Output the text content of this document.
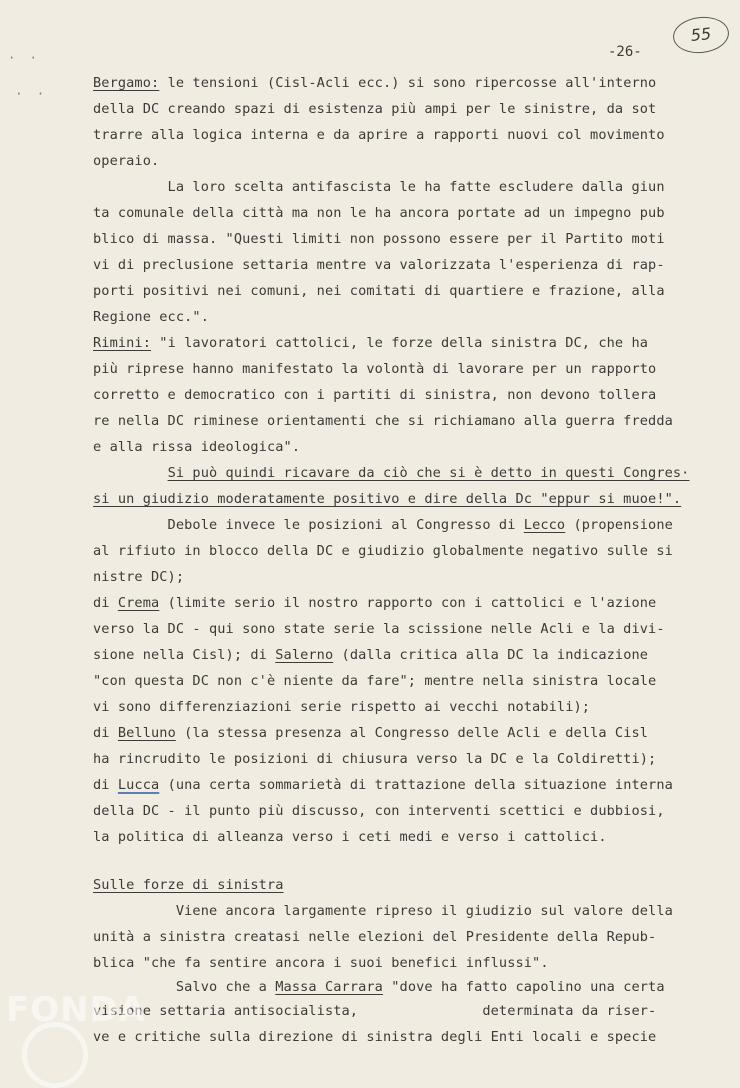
·  ·
·  ·
55
-26-
Bergamo: le tensioni (Cisl-Acli ecc.) si sono ripercosse all'interno
della DC creando spazi di esistenza più ampi per le sinistre, da sot
trarre alla logica interna e da aprire a rapporti nuovi col movimento
operaio.
La loro scelta antifascista le ha fatte escludere dalla giun
ta comunale della città ma non le ha ancora portate ad un impegno pub
blico di massa. "Questi limiti non possono essere per il Partito moti
vi di preclusione settaria mentre va valorizzata l'esperienza di rap-
porti positivi nei comuni, nei comitati di quartiere e frazione, alla
Regione ecc.".
Rimini: "i lavoratori cattolici, le forze della sinistra DC, che ha
più riprese hanno manifestato la volontà di lavorare per un rapporto
corretto e democratico con i partiti di sinistra, non devono tollera
re nella DC riminese orientamenti che si richiamano alla guerra fredda
e alla rissa ideologica".
Si può quindi ricavare da ciò che si è detto in questi Congres·
si un giudizio moderatamente positivo e dire della Dc "eppur si muoe!".
Debole invece le posizioni al Congresso di Lecco (propensione
al rifiuto in blocco della DC e giudizio globalmente negativo sulle si
nistre DC);
di Crema (limite serio il nostro rapporto con i cattolici e l'azione
verso la DC - qui sono state serie la scissione nelle Acli e la divi-
sione nella Cisl); di Salerno (dalla critica alla DC la indicazione
"con questa DC non c'è niente da fare"; mentre nella sinistra locale
vi sono differenziazioni serie rispetto ai vecchi notabili);
di Belluno (la stessa presenza al Congresso delle Acli e della Cisl
ha rincrudito le posizioni di chiusura verso la DC e la Coldiretti);
di Lucca (una certa sommarietà di trattazione della situazione interna
della DC - il punto più discusso, con interventi scettici e dubbiosi,
la politica di alleanza verso i ceti medi e verso i cattolici.
Sulle forze di sinistra
Viene ancora largamente ripreso il giudizio sul valore della
unità a sinistra creatasi nelle elezioni del Presidente della Repub-
blica "che fa sentire ancora i suoi benefici influssi".
Salvo che a Massa Carrara "dove ha fatto capolino una certa
visione settaria antisocialista,               determinata da riser-
ve e critiche sulla direzione di sinistra degli Enti locali e specie
FONDA
